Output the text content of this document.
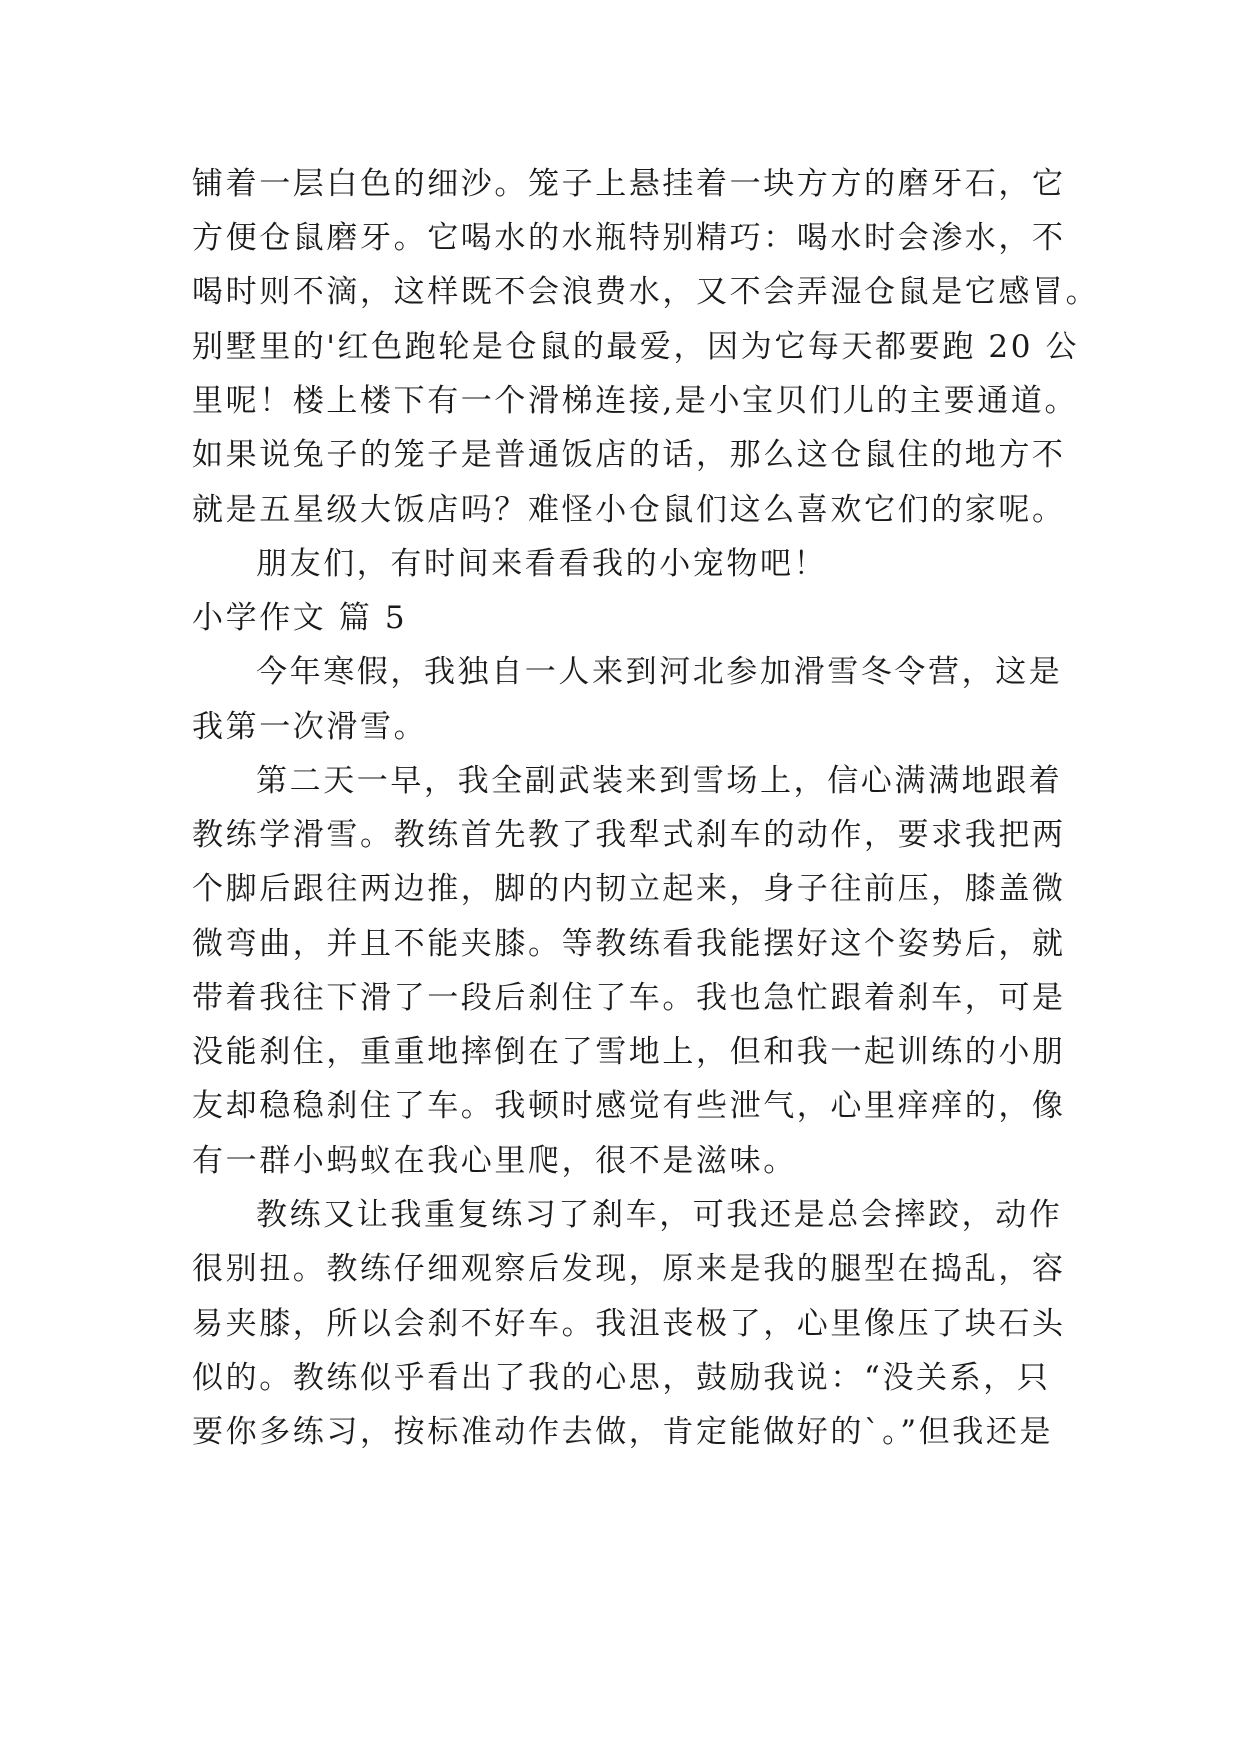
铺着一层白色的细沙。笼子上悬挂着一块方方的磨牙石，它
方便仓鼠磨牙。它喝水的水瓶特别精巧：喝水时会渗水，不
喝时则不滴，这样既不会浪费水，又不会弄湿仓鼠是它感冒。
别墅里的'红色跑轮是仓鼠的最爱，因为它每天都要跑 20 公
里呢！楼上楼下有一个滑梯连接,是小宝贝们儿的主要通道。
如果说兔子的笼子是普通饭店的话，那么这仓鼠住的地方不
就是五星级大饭店吗？难怪小仓鼠们这么喜欢它们的家呢。
朋友们，有时间来看看我的小宠物吧！
小学作文 篇 5
今年寒假，我独自一人来到河北参加滑雪冬令营，这是
我第一次滑雪。
第二天一早，我全副武装来到雪场上，信心满满地跟着
教练学滑雪。教练首先教了我犁式刹车的动作，要求我把两
个脚后跟往两边推，脚的内韧立起来，身子往前压，膝盖微
微弯曲，并且不能夹膝。等教练看我能摆好这个姿势后，就
带着我往下滑了一段后刹住了车。我也急忙跟着刹车，可是
没能刹住，重重地摔倒在了雪地上，但和我一起训练的小朋
友却稳稳刹住了车。我顿时感觉有些泄气，心里痒痒的，像
有一群小蚂蚁在我心里爬，很不是滋味。
教练又让我重复练习了刹车，可我还是总会摔跤，动作
很别扭。教练仔细观察后发现，原来是我的腿型在捣乱，容
易夹膝，所以会刹不好车。我沮丧极了，心里像压了块石头
似的。教练似乎看出了我的心思，鼓励我说：“没关系，只
要你多练习，按标准动作去做，肯定能做好的`。”但我还是
